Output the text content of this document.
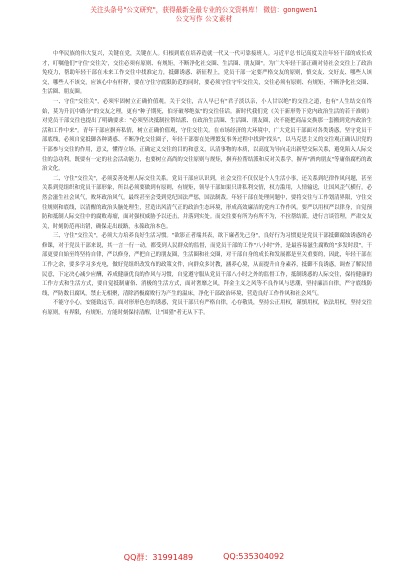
关注头条号"公文研究"，获得最新全最专业的公文资料库！ 微信：gongwen1
公文写作 公文素材

中华民族的伟大复兴，关键在党，关键在人。归根到底在培养造就一代又一代可靠接班人。习近平总书记高度关注年轻干部的成长成才，叮嘱他们"守住'交往关'，交往必须有原则、有规矩，不断净化社交圈、生活圈、朋友圈"。为广大年轻干部正确对待社会交往上了政治免疫力，帮助年轻干部在未来工作交往中找准定力，抵御诱惑、新征程上，党员干部一定要严格交友的原则，慎交友、交好友、哪些人该交，哪些人不该交，应该心中有杆秤，要在守住守底限防范的同时，要必须守住守牢交往关，交往必须有原则、有规矩，不断净化社交圈、生活圈、朋友圈。

一、守住"交往关"，必须牢固树立正确价值观。关于交往，古人早已有"君子淡以亲，小人甘以绝"的交往之道，也有"人生结交在终始，莫为升沉中路分"的交友之理，更有"种子期死，伯牙破琴绝弦"的交往佳话。新时代我们党《关于新形势下党内政治生活的若干准则》对党员干部交往也提出了明确要求："必须坚决抵制拉帮结派、在政治生活圈、生活圈、朋友圈，决不能把商品交换那一套搬到党内政治生活和工作中来"。青年干部应摒弃私情，树立正确价值观，守住交往关。在市场经济的大环境中，广大党员干部面对各类诱惑，坚守党员干部底线，必须自觉抵御各种诱惑、不断净化交往圈子，年轻干部要在处理繁复事务过程中找到"找头"，以马克思主义的交往观正确认识党的干部参与交往的作用，意义，懂得立场。正确定义交往的目的和意义，认清事物的本质，以高度为导向走出新型交际关系，避免陷入人际交往的急功利，既要有一定的社会活动能力，也要树立高尚的交往原则与规矩，摒弃拉帮结派和反对关系学，摒弃"酒肉朋友"等庸俗腐朽的政治文化。

二、守住"交往关"，必须妥善处理人际交往关系。党员干部应认识到，社会交往不仅仅是个人生活小事，还关系到纪律作风问题，甚至关系到党组织和党员干部形象，所以必须要做到有原则，有规矩，领导干部如果只讲私利交情，权力滥用，人情输送，让国风歪气横行，必然会滋生社会风气，败坏政治风气，最终甚至会受到党纪国法严惩，国法制裁。年轻干部在处理问题中，要将交往与工作划清界限，守住交往规则和底线，以清醒的政治头脑处理生，营造出风清气正的政治生态环境，形成高效廉洁的党内工作作风。要严以用权严以律身，自觉预防和抵制人际交往中的腐败毒瘤，面对强权威胁予以还击，并落到实处。而交往要有所为有所不为，不拉帮结派，进行言谈管理，严肃交友关，时刻防范再出错，确保走出歧路，永葆政治本色。

三、守住"交往关"，必须大力培养良好生活习惯。"欲影正者端其表，欲下廉者先己身"，良好行为习惯更是党员干部抵御腐蚀诱惑的必修课，对于党员干部来说，其一言一行一动，都受到人民群众的监督，而党员干部的工作"八小时"外，是最容易滋生腐败的"多发时段"，干部更要自始至终坚持自律，严以修身，严把自己的朋友圈，生活圈和社交圈，对干部自身的成长和发展都是至关重要的，因此，年轻干部在工作之余，要多学习多充电，做好党组织改发布的政策文件，向群众多讨教，涵养心境，从而提升自身素养，抵御不良诱惑，调查了解民情民意，下定决心减少应酬，养成健康优良的作风与习惯，自觉遵守服从党员干部八小时之外的监督工作，抵制诱惑的人际交往，保持健康的工作方式和生活方式，要自觉抵制庸俗、消极的生活方式，面对奢靡之风，拜金主义之风等不良作风与思潮，坚持廉洁自律，严守底线防线，严防数日腐风，禁止无相聚，清除消极腐败行为产生的温床，净化干部政治环境，营造良好工作作风和社会风气。

不能守小心，安能致远节。面对形形色色的诱惑，党员干部只有严格自律，心存敬畏，坚持公正用权，谨慎用权，依法用权，坚持交往有原则，有界限，有规矩，方能时刻保持清醒，让"围猎"者无从下手。

QQ群：31991489	QQ:535304092
